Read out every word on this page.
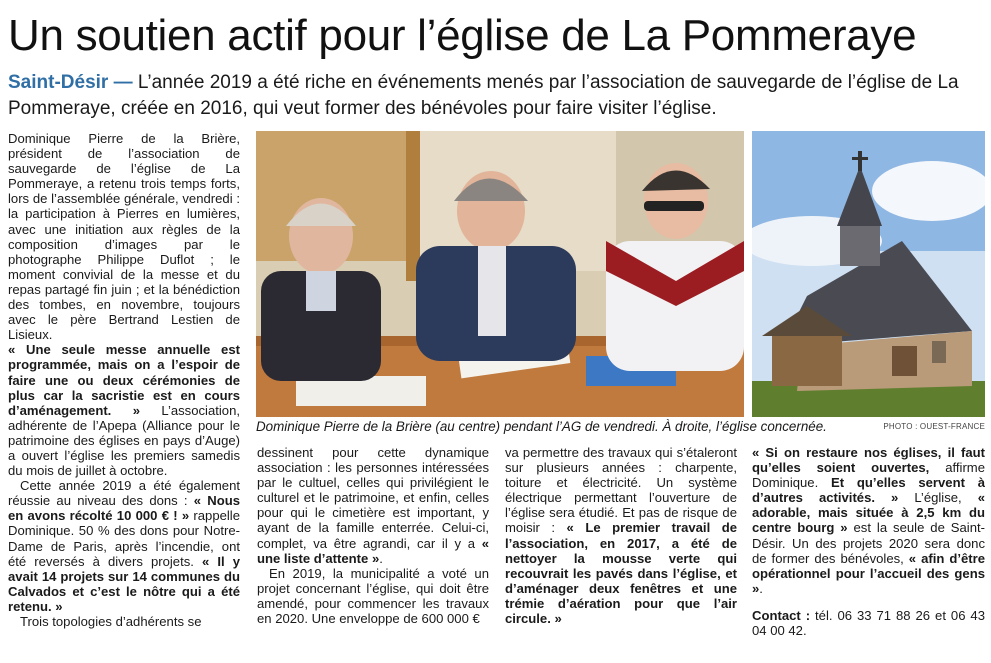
Un soutien actif pour l’église de La Pommeraye

Saint-Désir — L’année 2019 a été riche en événements menés par l’association de sauvegarde de l’église de La Pommeraye, créée en 2016, qui veut former des bénévoles pour faire visiter l’église.

Dominique Pierre de la Brière, président de l’association de sauvegarde de l’église de La Pommeraye, a retenu trois temps forts, lors de l’assemblée générale, vendredi : la participation à Pierres en lumières, avec une initiation aux règles de la composition d’images par le photographe Philippe Duflot ; le moment convivial de la messe et du repas partagé fin juin ; et la bénédiction des tombes, en novembre, toujours avec le père Bertrand Lestien de Lisieux.

« Une seule messe annuelle est programmée, mais on a l’espoir de faire une ou deux cérémonies de plus car la sacristie est en cours d’aménagement. » L’association, adhérente de l’Apepa (Alliance pour le patrimoine des églises en pays d’Auge) a ouvert l’église les premiers samedis du mois de juillet à octobre.

Cette année 2019 a été également réussie au niveau des dons : « Nous en avons récolté 10 000 € ! » rappelle Dominique. 50 % des dons pour Notre-Dame de Paris, après l’incendie, ont été reversés à divers projets. « Il y avait 14 projets sur 14 communes du Calvados et c’est le nôtre qui a été retenu. »

Trois topologies d’adhérents se

Dominique Pierre de la Brière (au centre) pendant l’AG de vendredi. À droite, l’église concernée.	PHOTO : OUEST-FRANCE

dessinent pour cette dynamique association : les personnes intéressées par le cultuel, celles qui privilégient le culturel et le patrimoine, et enfin, celles pour qui le cimetière est important, y ayant de la famille enterrée. Celui-ci, complet, va être agrandi, car il y a « une liste d’attente ».

En 2019, la municipalité a voté un projet concernant l’église, qui doit être amendé, pour commencer les travaux en 2020. Une enveloppe de 600 000 €

va permettre des travaux qui s’étaleront sur plusieurs années : charpente, toiture et électricité. Un système électrique permettant l’ouverture de l’église sera étudié. Et pas de risque de moisir : « Le premier travail de l’association, en 2017, a été de nettoyer la mousse verte qui recouvrait les pavés dans l’église, et d’aménager deux fenêtres et une trémie d’aération pour que l’air circule. »

« Si on restaure nos églises, il faut qu’elles soient ouvertes, affirme Dominique. Et qu’elles servent à d’autres activités. » L’église, « adorable, mais située à 2,5 km du centre bourg » est la seule de Saint-Désir. Un des projets 2020 sera donc de former des bénévoles, « afin d’être opérationnel pour l’accueil des gens ».

Contact : tél. 06 33 71 88 26 et 06 43 04 00 42.
